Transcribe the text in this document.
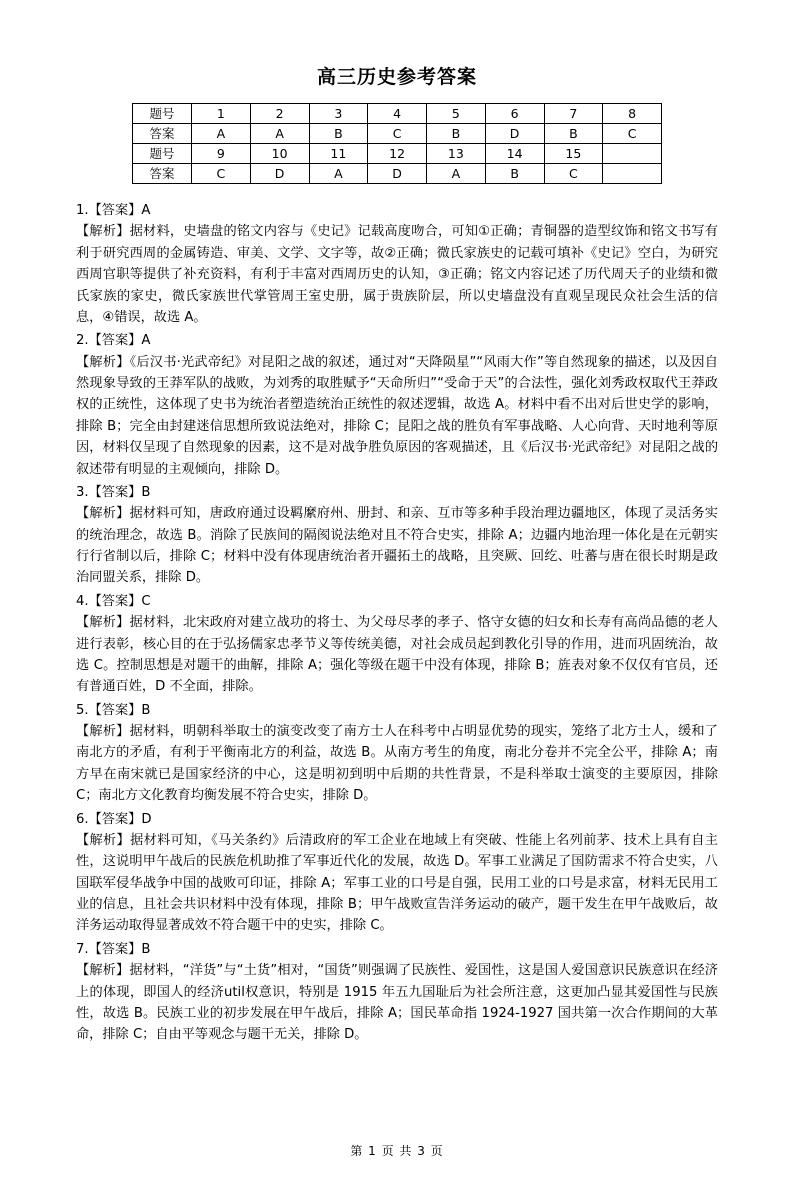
高三历史参考答案
题号	1	2	3	4	5	6	7	8
答案	A	A	B	C	B	D	B	C
题号	9	10	11	12	13	14	15	
答案	C	D	A	D	A	B	C	

1.【答案】A

【解析】据材料，史墙盘的铭文内容与《史记》记载高度吻合，可知①正确；青铜器的造型纹饰和铭文书写有利于研究西周的金属铸造、审美、文学、文字等，故②正确；微氏家族史的记载可填补《史记》空白，为研究西周官职等提供了补充资料，有利于丰富对西周历史的认知，③正确；铭文内容记述了历代周天子的业绩和微氏家族的家史，微氏家族世代掌管周王室史册，属于贵族阶层，所以史墙盘没有直观呈现民众社会生活的信息，④错误，故选 A。

2.【答案】A

【解析】《后汉书·光武帝纪》对昆阳之战的叙述，通过对“天降陨星”“风雨大作”等自然现象的描述，以及因自然现象导致的王莽军队的战败，为刘秀的取胜赋予“天命所归”“受命于天”的合法性，强化刘秀政权取代王莽政权的正统性，这体现了史书为统治者塑造统治正统性的叙述逻辑，故选 A。材料中看不出对后世史学的影响，排除 B；完全由封建迷信思想所致说法绝对，排除 C；昆阳之战的胜负有军事战略、人心向背、天时地利等原因，材料仅呈现了自然现象的因素，这不是对战争胜负原因的客观描述，且《后汉书·光武帝纪》对昆阳之战的叙述带有明显的主观倾向，排除 D。

3.【答案】B

【解析】据材料可知，唐政府通过设羁縻府州、册封、和亲、互市等多种手段治理边疆地区，体现了灵活务实的统治理念，故选 B。消除了民族间的隔阂说法绝对且不符合史实，排除 A；边疆内地治理一体化是在元朝实行行省制以后，排除 C；材料中没有体现唐统治者开疆拓土的战略，且突厥、回纥、吐蕃与唐在很长时期是政治同盟关系，排除 D。

4.【答案】C

【解析】据材料，北宋政府对建立战功的将士、为父母尽孝的孝子、恪守女德的妇女和长寿有高尚品德的老人进行表彰，核心目的在于弘扬儒家忠孝节义等传统美德，对社会成员起到教化引导的作用，进而巩固统治，故选 C。控制思想是对题干的曲解，排除 A；强化等级在题干中没有体现，排除 B；旌表对象不仅仅有官员，还有普通百姓，D 不全面，排除。

5.【答案】B

【解析】据材料，明朝科举取士的演变改变了南方士人在科考中占明显优势的现实，笼络了北方士人，缓和了南北方的矛盾，有利于平衡南北方的利益，故选 B。从南方考生的角度，南北分卷并不完全公平，排除 A；南方早在南宋就已是国家经济的中心，这是明初到明中后期的共性背景，不是科举取士演变的主要原因，排除 C；南北方文化教育均衡发展不符合史实，排除 D。

6.【答案】D

【解析】据材料可知，《马关条约》后清政府的军工企业在地域上有突破、性能上名列前茅、技术上具有自主性，这说明甲午战后的民族危机助推了军事近代化的发展，故选 D。军事工业满足了国防需求不符合史实，八国联军侵华战争中国的战败可印证，排除 A；军事工业的口号是自强，民用工业的口号是求富，材料无民用工业的信息，且社会共识材料中没有体现，排除 B；甲午战败宣告洋务运动的破产，题干发生在甲午战败后，故洋务运动取得显著成效不符合题干中的史实，排除 C。

7.【答案】B

【解析】据材料，“洋货”与“土货”相对，“国货”则强调了民族性、爱国性，这是国人爱国意识民族意识在经济上的体现，即国人的经济util权意识，特别是 1915 年五九国耻后为社会所注意，这更加凸显其爱国性与民族性，故选 B。民族工业的初步发展在甲午战后，排除 A；国民革命指 1924-1927 国共第一次合作期间的大革命，排除 C；自由平等观念与题干无关，排除 D。

第 1 页 共 3 页
